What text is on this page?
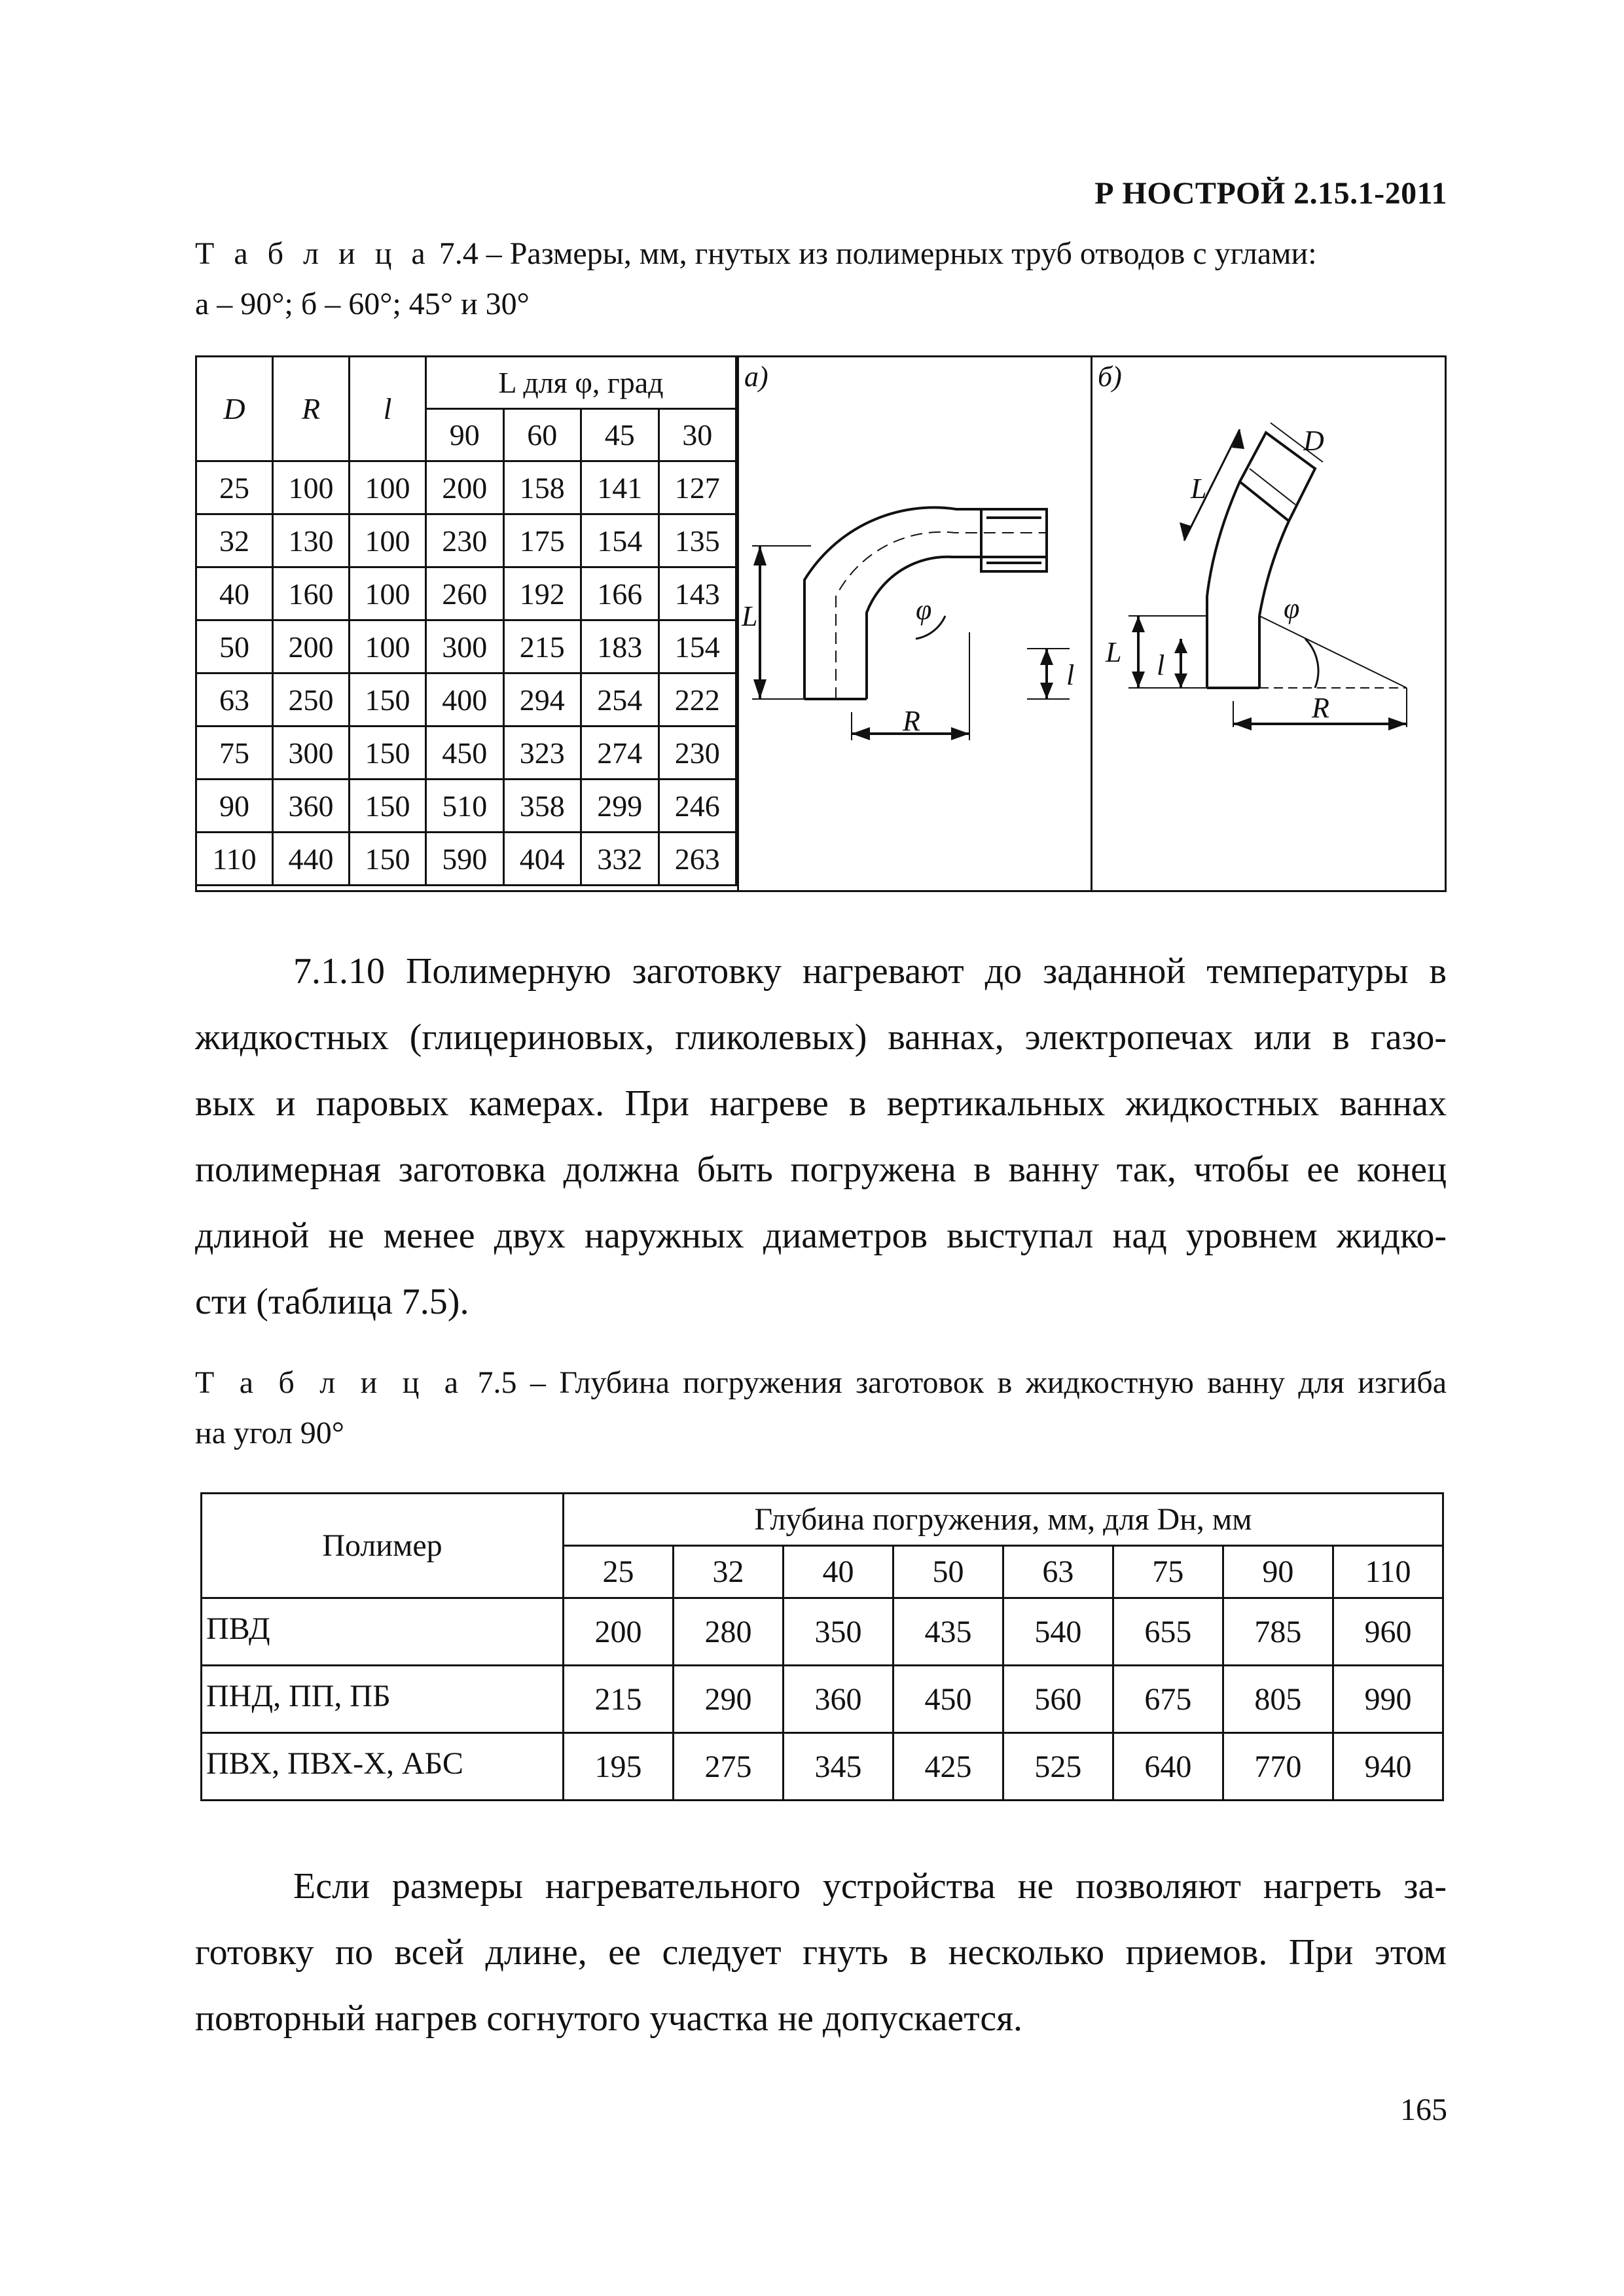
Р НОСТРОЙ 2.15.1-2011
Т а б л и ц а 7.4 – Размеры, мм, гнутых из полимерных труб отводов с углами:
а – 90°; б – 60°; 45° и 30°
D	R	l	L для φ, град			
			90	60	45	30
25	100	100	200	158	141	127
32	130	100	230	175	154	135
40	160	100	260	192	166	143
50	200	100	300	215	183	154
63	250	150	400	294	254	222
75	300	150	450	323	274	230
90	360	150	510	358	299	246
110	440	150	590	404	332	263
а)
L
l
R
φ
б)
D
L
L l
R
φ
7.1.10 Полимерную заготовку нагревают до заданной температуры в
жидкостных (глицериновых, гликолевых) ваннах, электропечах или в газо-
вых и паровых камерах. При нагреве в вертикальных жидкостных ваннах
полимерная заготовка должна быть погружена в ванну так, чтобы ее конец
длиной не менее двух наружных диаметров выступал над уровнем жидко-
сти (таблица 7.5).
Т а б л и ц а 7.5 – Глубина погружения заготовок в жидкостную ванну для изгиба
на угол 90°
Полимер	Глубина погружения, мм, для Dн, мм							
	25	32	40	50	63	75	90	110
ПВД	200	280	350	435	540	655	785	960
ПНД, ПП, ПБ	215	290	360	450	560	675	805	990
ПВХ, ПВХ-Х, АБС	195	275	345	425	525	640	770	940
Если размеры нагревательного устройства не позволяют нагреть за-
готовку по всей длине, ее следует гнуть в несколько приемов. При этом
повторный нагрев согнутого участка не допускается.
165
